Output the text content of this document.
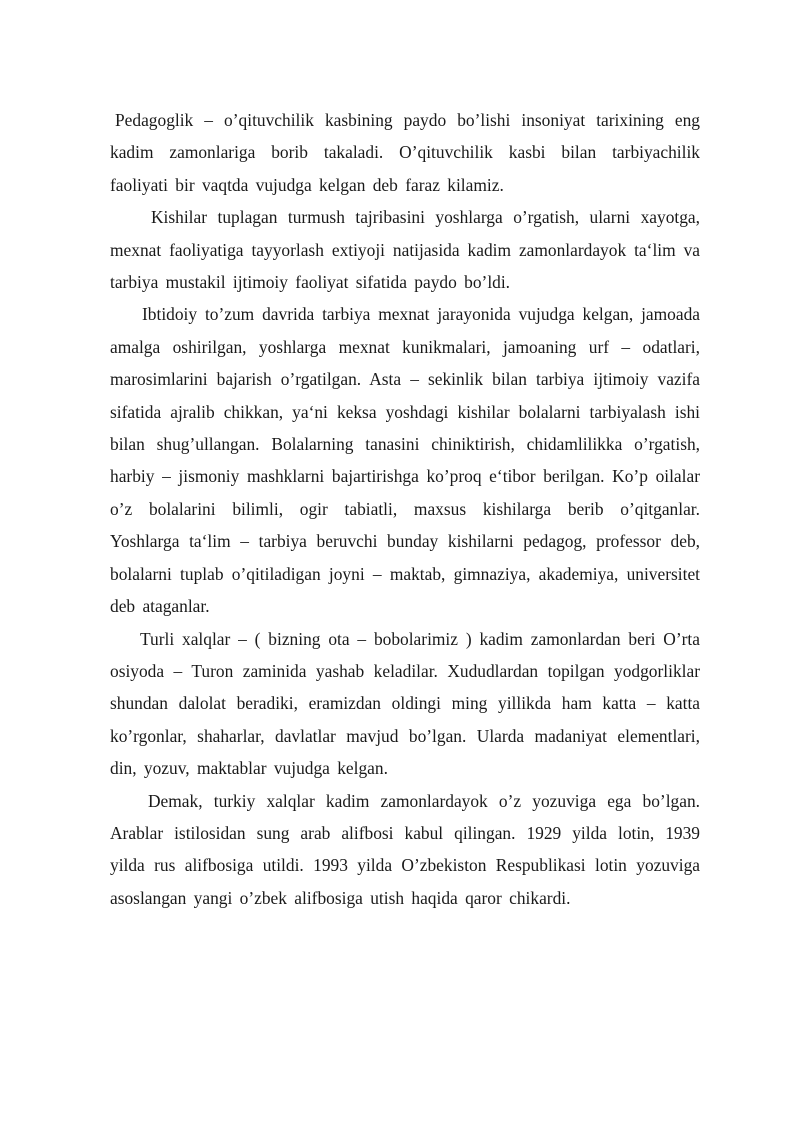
Pedagoglik – o’qituvchilik kasbining paydo bo’lishi insoniyat tarixining eng kadim zamonlariga borib takaladi. O’qituvchilik kasbi bilan tarbiyachilik faoliyati bir vaqtda vujudga kelgan deb faraz kilamiz.

Kishilar tuplagan turmush tajribasini yoshlarga o’rgatish, ularni xayotga, mexnat faoliyatiga tayyorlash extiyoji natijasida kadim zamonlardayok ta‘lim va tarbiya mustakil ijtimoiy faoliyat sifatida paydo bo’ldi.

Ibtidoiy to’zum davrida tarbiya mexnat jarayonida vujudga kelgan, jamoada amalga oshirilgan, yoshlarga mexnat kunikmalari, jamoaning urf – odatlari, marosimlarini bajarish o’rgatilgan. Asta – sekinlik bilan tarbiya ijtimoiy vazifa sifatida ajralib chikkan, ya‘ni keksa yoshdagi kishilar bolalarni tarbiyalash ishi bilan shug’ullangan. Bolalarning tanasini chiniktirish, chidamlilikka o’rgatish, harbiy – jismoniy mashklarni bajartirishga ko’proq e‘tibor berilgan. Ko’p oilalar o’z bolalarini bilimli, ogir tabiatli, maxsus kishilarga berib o’qitganlar. Yoshlarga ta‘lim – tarbiya beruvchi bunday kishilarni pedagog, professor deb, bolalarni tuplab o’qitiladigan joyni – maktab, gimnaziya, akademiya, universitet deb ataganlar.

Turli xalqlar – ( bizning ota – bobolarimiz ) kadim zamonlardan beri O’rta osiyoda – Turon zaminida yashab keladilar. Xududlardan topilgan yodgorliklar shundan dalolat beradiki, eramizdan oldingi ming yillikda ham katta – katta ko’rgonlar, shaharlar, davlatlar mavjud bo’lgan. Ularda madaniyat elementlari, din, yozuv, maktablar vujudga kelgan.

Demak, turkiy xalqlar kadim zamonlardayok o’z yozuviga ega bo’lgan. Arablar istilosidan sung arab alifbosi kabul qilingan. 1929 yilda lotin, 1939 yilda rus alifbosiga utildi. 1993 yilda O’zbekiston Respublikasi lotin yozuviga asoslangan yangi o’zbek alifbosiga utish haqida qaror chikardi.
